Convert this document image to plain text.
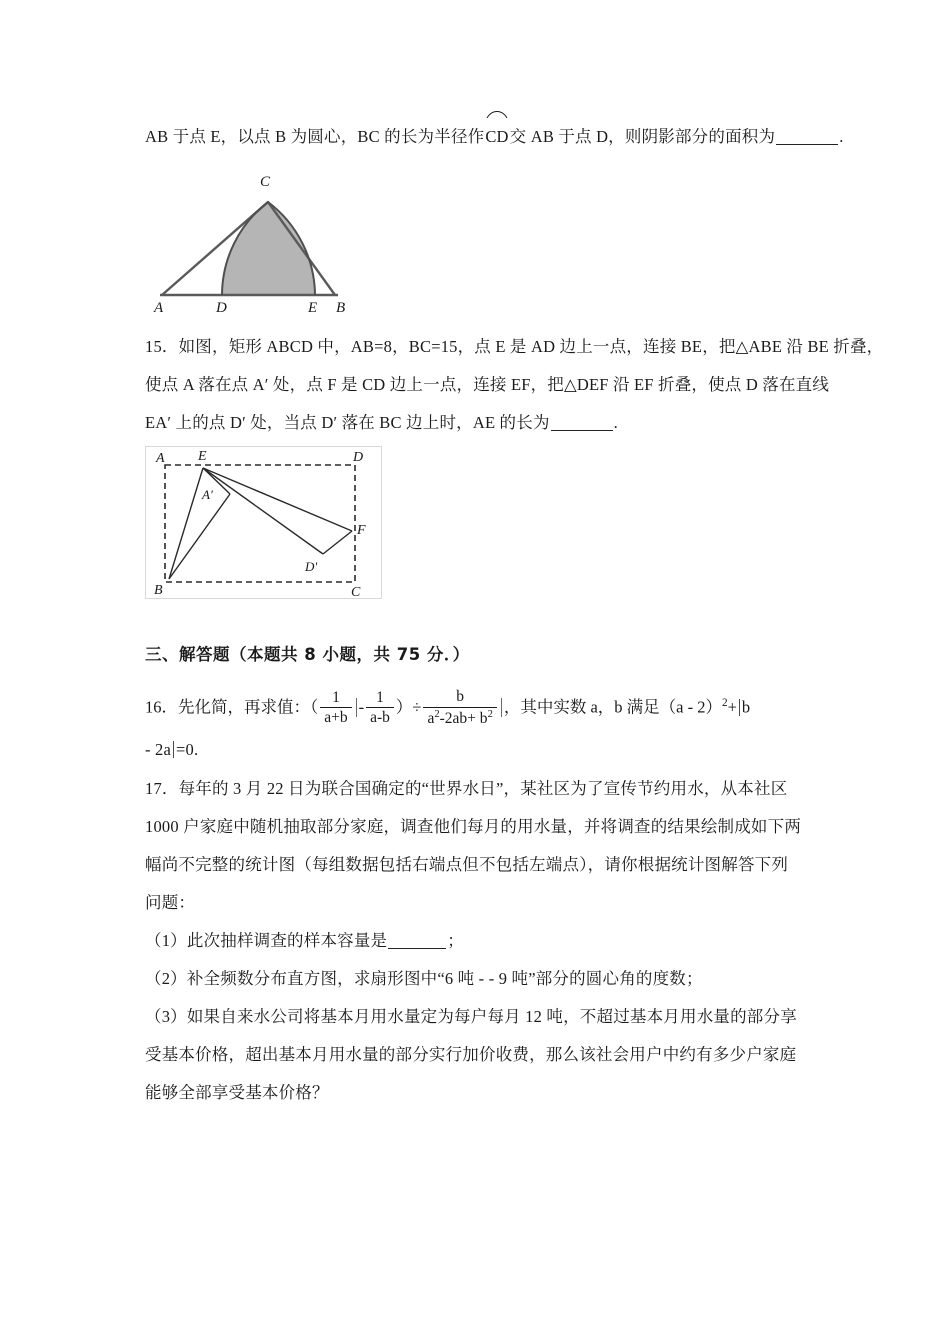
AB 于点 E，以点 B 为圆心，BC 的长为半径作
CD交 AB 于点 D，则阴影部分的面积为	.
A	D	E B
C
15．如图，矩形 ABCD 中，AB=8，BC=15，点 E 是 AD 边上一点，连接 BE，把△ABE 沿 BE 折叠，
使点 A 落在点 A′ 处，点 F 是 CD 边上一点，连接 EF，把△DEF 沿 EF 折叠，使点 D 落在直线
EA′ 上的点 D′ 处，当点 D′ 落在 BC 边上时，AE 的长为	.
A E	D
B	C
F
A'
D'
三、解答题（本题共 8 小题，共 75 分．）
16．先化简，再求值：（ $\frac{1}{a+b} - \frac{1}{a-b}$ ）÷ $\frac{b}{a^2-2ab+ b^2}$ ，其中实数 a，b 满足（a - 2）$^2$+ b
- 2a =0.
17．每年的 3 月 22 日为联合国确定的“世界水日”，某社区为了宣传节约用水，从本社区
1000 户家庭中随机抽取部分家庭，调查他们每月的用水量，并将调查的结果绘制成如下两
幅尚不完整的统计图（每组数据包括右端点但不包括左端点），请你根据统计图解答下列
问题：
（1）此次抽样调查的样本容量是	；
（2）补全频数分布直方图，求扇形图中“6 吨 - - 9 吨”部分的圆心角的度数；
（3）如果自来水公司将基本月用水量定为每户每月 12 吨，不超过基本月用水量的部分享
受基本价格，超出基本月用水量的部分实行加价收费，那么该社会用户中约有多少户家庭
能够全部享受基本价格？
